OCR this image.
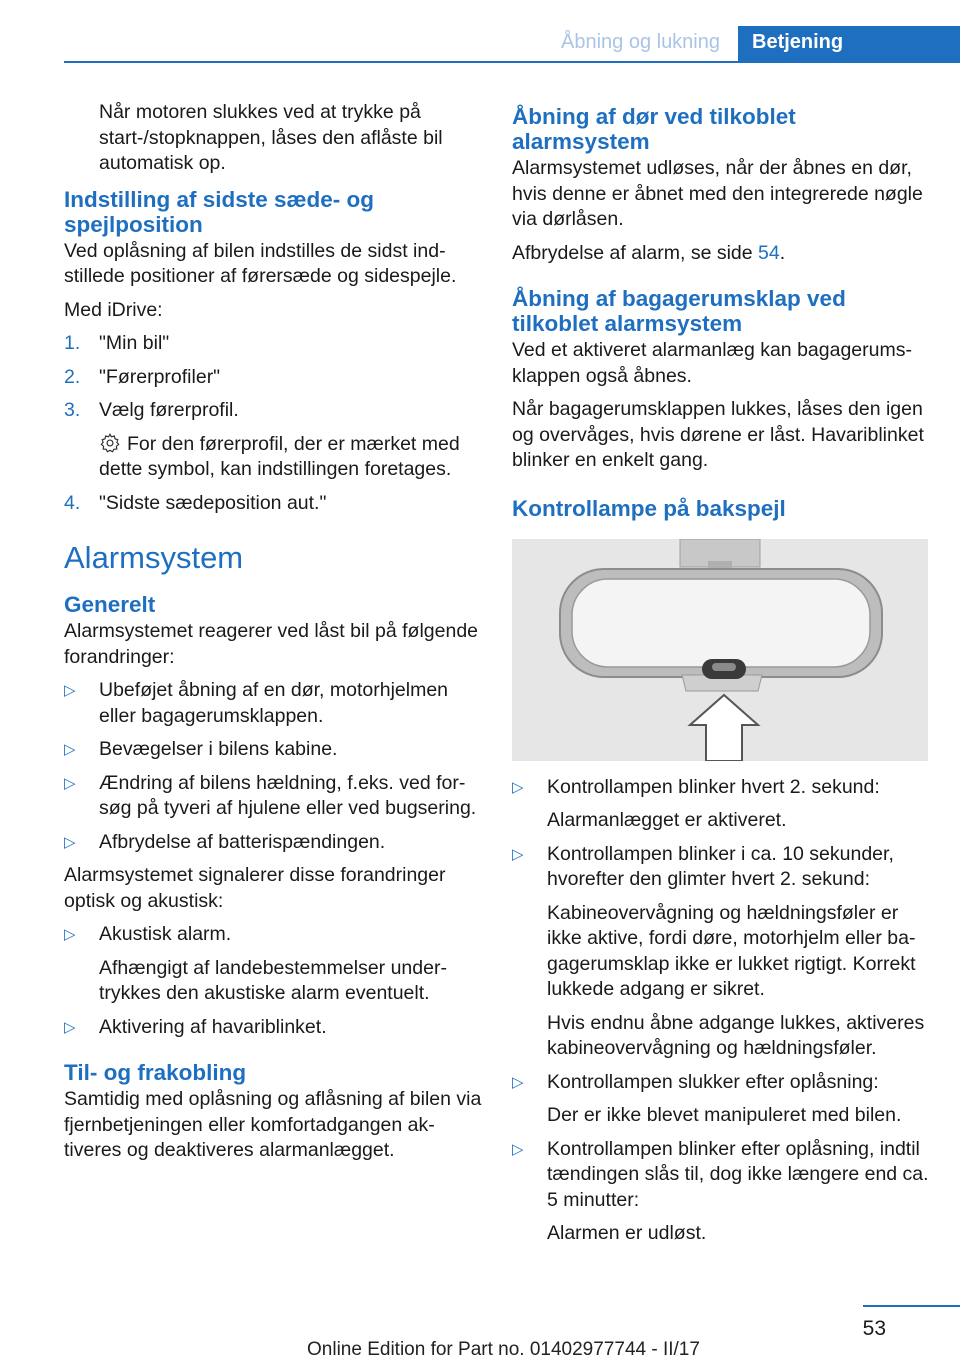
Åbning og lukning	Betjening

Når motoren slukkes ved at trykke på start-/stopknappen, låses den aflåste bil automatisk op.

Indstilling af sidste sæde- og spejlposition

Ved oplåsning af bilen indstilles de sidst indstillede positioner af førersæde og sidespejle.

Med iDrive:

1. "Min bil"
2. "Førerprofiler"
3. Vælg førerprofil.

For den førerprofil, der er mærket med dette symbol, kan indstillingen foretages.

4. "Sidste sædeposition aut."
Alarmsystem
Generelt

Alarmsystemet reagerer ved låst bil på følgende forandringer:

▷	Ubeføjet åbning af en dør, motorhjelmen eller bagagerumsklappen.
▷	Bevægelser i bilens kabine.
▷	Ændring af bilens hældning, f.eks. ved forsøg på tyveri af hjulene eller ved bugsering.
▷	Afbrydelse af batterispændingen.

Alarmsystemet signalerer disse forandringer optisk og akustisk:

▷	Akustisk alarm.
Afhængigt af landebestemmelser undertrykkes den akustiske alarm eventuelt.
▷	Aktivering af havariblinket.
Til- og frakobling

Samtidig med oplåsning og aflåsning af bilen via fjernbetjeningen eller komfortadgangen aktiveres og deaktiveres alarmanlægget.

Åbning af dør ved tilkoblet alarmsystem

Alarmsystemet udløses, når der åbnes en dør, hvis denne er åbnet med den integrerede nøgle via dørlåsen.

Afbrydelse af alarm, se side 54.

Åbning af bagagerumsklap ved tilkoblet alarmsystem

Ved et aktiveret alarmanlæg kan bagagerumsklappen også åbnes.

Når bagagerumsklappen lukkes, låses den igen og overvåges, hvis dørene er låst. Havariblinket blinker en enkelt gang.

Kontrollampe på bakspejl
▷	Kontrollampen blinker hvert 2. sekund:
Alarmanlægget er aktiveret.
▷	Kontrollampen blinker i ca. 10 sekunder, hvorefter den glimter hvert 2. sekund:
Kabineovervågning og hældningsføler er ikke aktive, fordi døre, motorhjelm eller bagagerumsklap ikke er lukket rigtigt. Korrekt lukkede adgang er sikret.
Hvis endnu åbne adgange lukkes, aktiveres kabineovervågning og hældningsføler.
▷	Kontrollampen slukker efter oplåsning:
Der er ikke blevet manipuleret med bilen.
▷	Kontrollampen blinker efter oplåsning, indtil tændingen slås til, dog ikke længere end ca. 5 minutter:
Alarmen er udløst.
53
Online Edition for Part no. 01402977744 - II/17
